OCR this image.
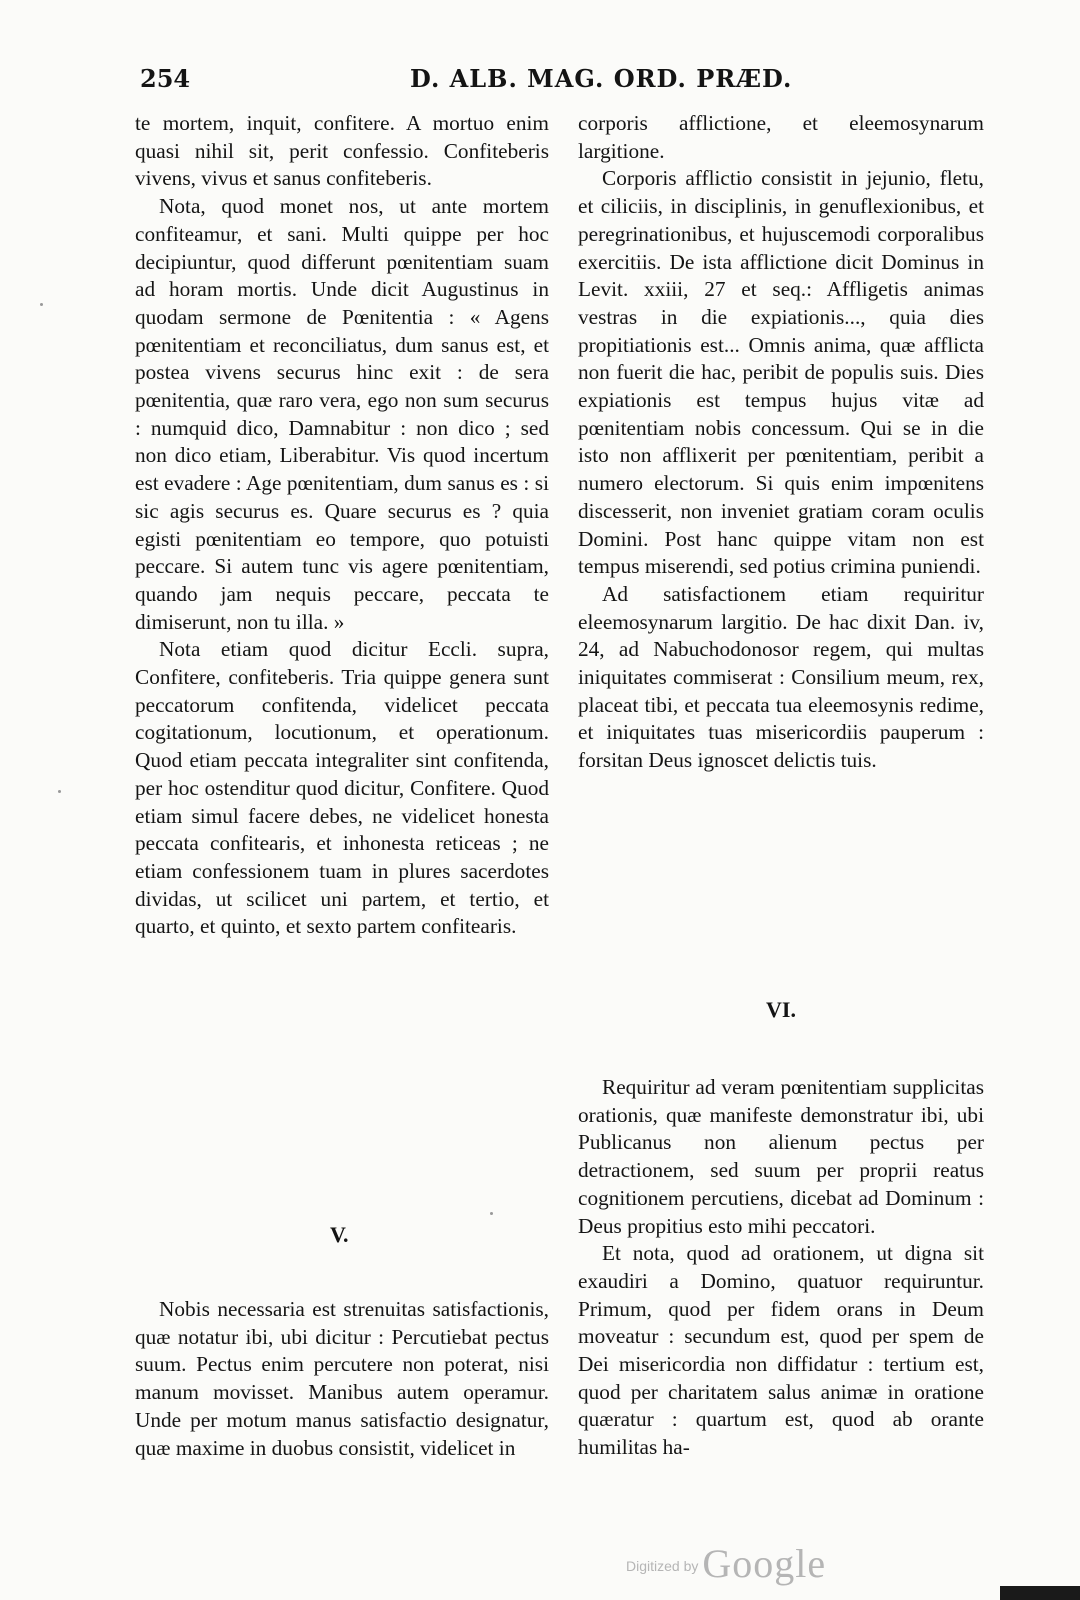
254	D. ALB. MAG. ORD. PRÆD.

te mortem, inquit, confitere. A mortuo enim quasi nihil sit, perit confessio. Confiteberis vivens, vivus et sanus confiteberis.

Nota, quod monet nos, ut ante mortem confiteamur, et sani. Multi quippe per hoc decipiuntur, quod differunt pœnitentiam suam ad horam mortis. Unde dicit Augustinus in quodam sermone de Pœnitentia : « Agens pœnitentiam et reconciliatus, dum sanus est, et postea vivens securus hinc exit : de sera pœnitentia, quæ raro vera, ego non sum securus : numquid dico, Damnabitur : non dico ; sed non dico etiam, Liberabitur. Vis quod incertum est evadere : Age pœnitentiam, dum sanus es : si sic agis securus es. Quare securus es ? quia egisti pœnitentiam eo tempore, quo potuisti peccare. Si autem tunc vis agere pœnitentiam, quando jam nequis peccare, peccata te dimiserunt, non tu illa. »

Nota etiam quod dicitur Eccli. supra, Confitere, confiteberis. Tria quippe genera sunt peccatorum confitenda, videlicet peccata cogitationum, locutionum, et operationum. Quod etiam peccata integraliter sint confitenda, per hoc ostenditur quod dicitur, Confitere. Quod etiam simul facere debes, ne videlicet honesta peccata confitearis, et inhonesta reticeas ; ne etiam confessionem tuam in plures sacerdotes dividas, ut scilicet uni partem, et tertio, et quarto, et quinto, et sexto partem confitearis.

V.

Nobis necessaria est strenuitas satisfactionis, quæ notatur ibi, ubi dicitur : Percutiebat pectus suum. Pectus enim percutere non poterat, nisi manum movisset. Manibus autem operamur. Unde per motum manus satisfactio designatur, quæ maxime in duobus consistit, videlicet in

corporis afflictione, et eleemosynarum largitione.

Corporis afflictio consistit in jejunio, fletu, et ciliciis, in disciplinis, in genuflexionibus, et peregrinationibus, et hujuscemodi corporalibus exercitiis. De ista afflictione dicit Dominus in Levit. xxiii, 27 et seq.: Affligetis animas vestras in die expiationis..., quia dies propitiationis est... Omnis anima, quæ afflicta non fuerit die hac, peribit de populis suis. Dies expiationis est tempus hujus vitæ ad pœnitentiam nobis concessum. Qui se in die isto non afflixerit per pœnitentiam, peribit a numero electorum. Si quis enim impœnitens discesserit, non inveniet gratiam coram oculis Domini. Post hanc quippe vitam non est tempus miserendi, sed potius crimina puniendi.

Ad satisfactionem etiam requiritur eleemosynarum largitio. De hac dixit Dan. iv, 24, ad Nabuchodonosor regem, qui multas iniquitates commiserat : Consilium meum, rex, placeat tibi, et peccata tua eleemosynis redime, et iniquitates tuas misericordiis pauperum : forsitan Deus ignoscet delictis tuis.

VI.

Requiritur ad veram pœnitentiam supplicitas orationis, quæ manifeste demonstratur ibi, ubi Publicanus non alienum pectus per detractionem, sed suum per proprii reatus cognitionem percutiens, dicebat ad Dominum : Deus propitius esto mihi peccatori.

Et nota, quod ad orationem, ut digna sit exaudiri a Domino, quatuor requiruntur. Primum, quod per fidem orans in Deum moveatur : secundum est, quod per spem de Dei misericordia non diffidatur : tertium est, quod per charitatem salus animæ in oratione quæratur : quartum est, quod ab orante humilitas ha-

Digitized by Google
